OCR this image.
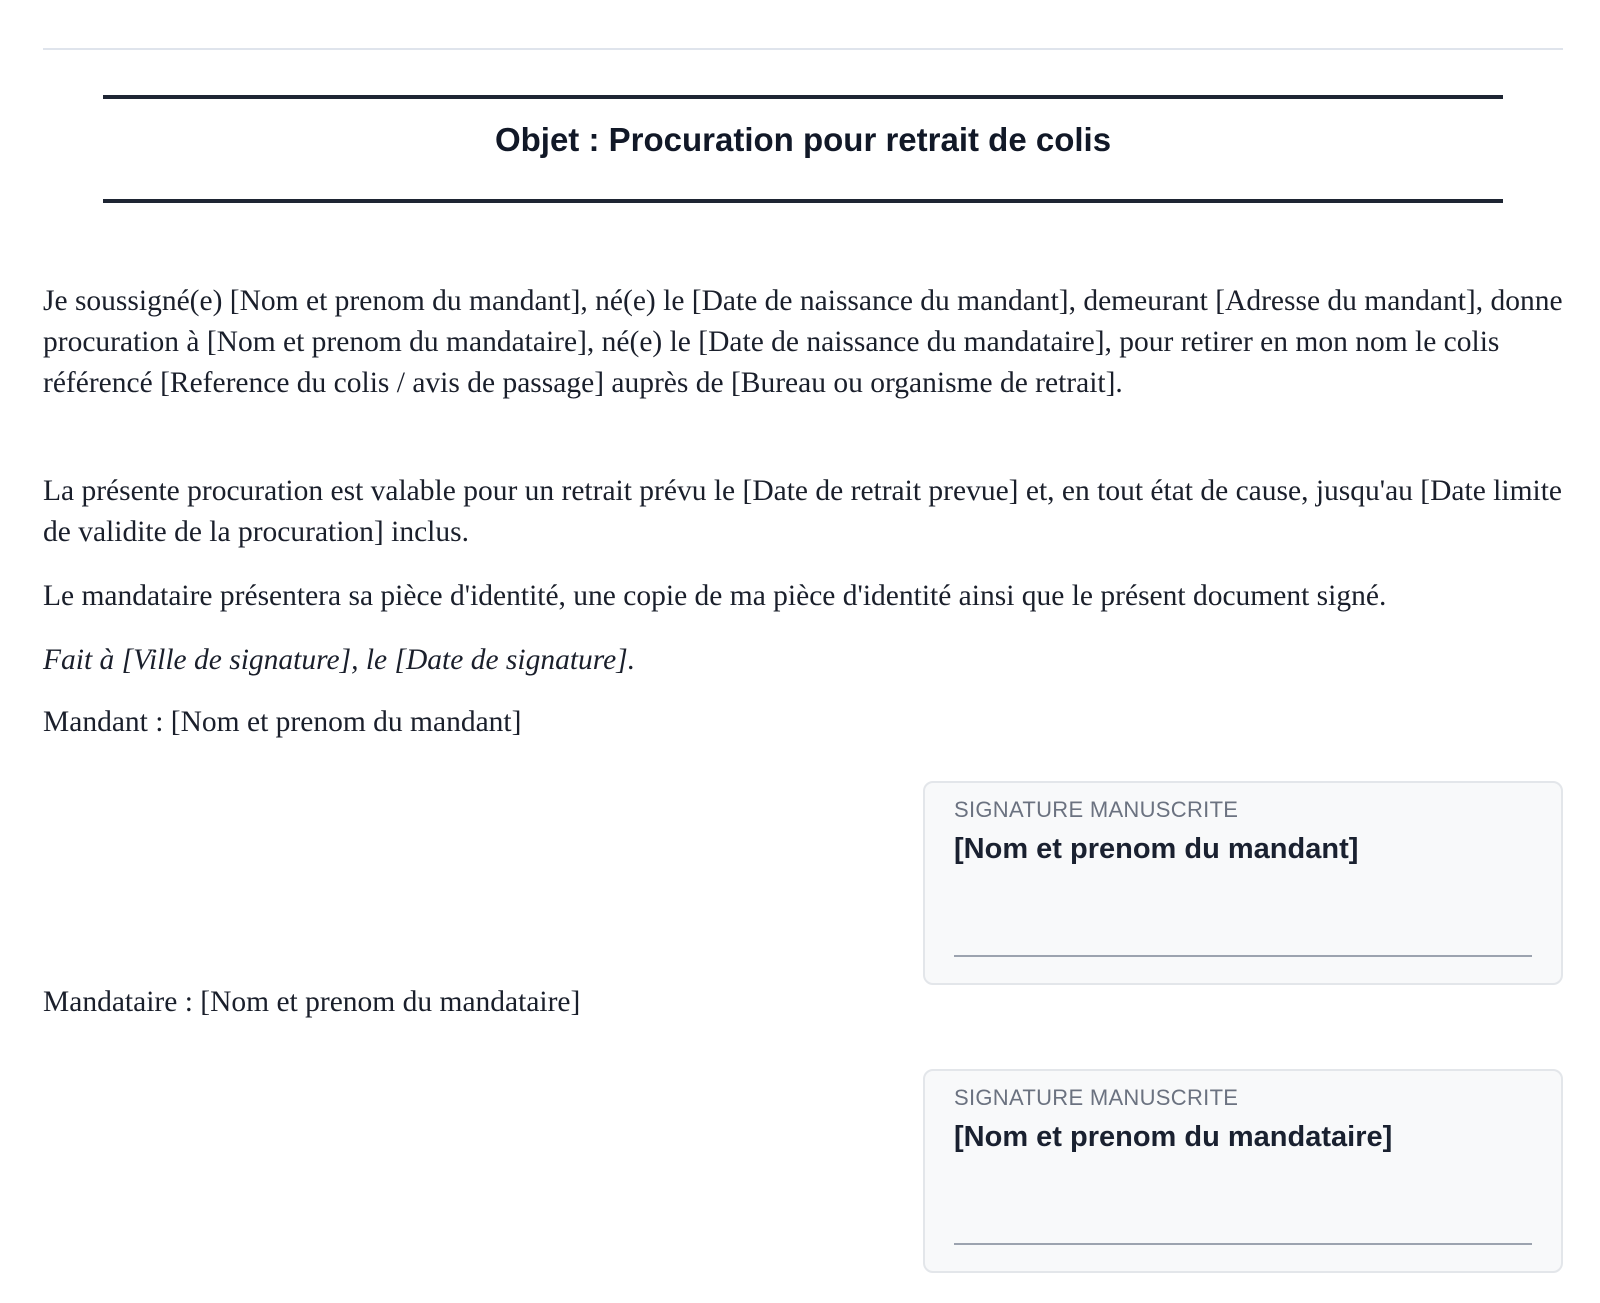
Objet : Procuration pour retrait de colis

Je soussigné(e) [Nom et prenom du mandant], né(e) le [Date de naissance du mandant], demeurant [Adresse du mandant], donne procuration à [Nom et prenom du mandataire], né(e) le [Date de naissance du mandataire], pour retirer en mon nom le colis référencé [Reference du colis / avis de passage] auprès de [Bureau ou organisme de retrait].

La présente procuration est valable pour un retrait prévu le [Date de retrait prevue] et, en tout état de cause, jusqu'au [Date limite de validite de la procuration] inclus.

Le mandataire présentera sa pièce d'identité, une copie de ma pièce d'identité ainsi que le présent document signé.

Fait à [Ville de signature], le [Date de signature].

Mandant : [Nom et prenom du mandant]

SIGNATURE MANUSCRITE
[Nom et prenom du mandant]

Mandataire : [Nom et prenom du mandataire]

SIGNATURE MANUSCRITE
[Nom et prenom du mandataire]
